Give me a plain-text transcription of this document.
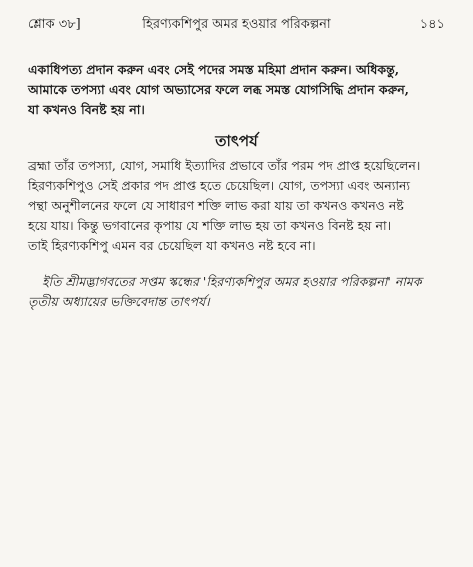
শ্লোক ৩৮]	হিরণ্যকশিপুর অমর হওয়ার পরিকল্পনা	১৪১

একাধিপত্য প্রদান করুন এবং সেই পদের সমস্ত মহিমা প্রদান করুন। অধিকন্তু,
আমাকে তপস্যা এবং যোগ অভ্যাসের ফলে লব্ধ সমস্ত যোগসিদ্ধি প্রদান করুন,
যা কখনও বিনষ্ট হয় না।

তাৎপর্য

ব্রহ্মা তাঁর তপস্যা, যোগ, সমাধি ইত্যাদির প্রভাবে তাঁর পরম পদ প্রাপ্ত হয়েছিলেন।
হিরণ্যকশিপুও সেই প্রকার পদ প্রাপ্ত হতে চেয়েছিল। যোগ, তপস্যা এবং অন্যান্য
পন্থা অনুশীলনের ফলে যে সাধারণ শক্তি লাভ করা যায় তা কখনও কখনও নষ্ট
হয়ে যায়। কিন্তু ভগবানের কৃপায় যে শক্তি লাভ হয় তা কখনও বিনষ্ট হয় না।
তাই হিরণ্যকশিপু এমন বর চেয়েছিল যা কখনও নষ্ট হবে না।

ইতি শ্রীমদ্ভাগবতের সপ্তম স্কন্ধের 'হিরণ্যকশিপুর অমর হওয়ার পরিকল্পনা' নামক
তৃতীয় অধ্যায়ের ভক্তিবেদান্ত তাৎপর্য।
